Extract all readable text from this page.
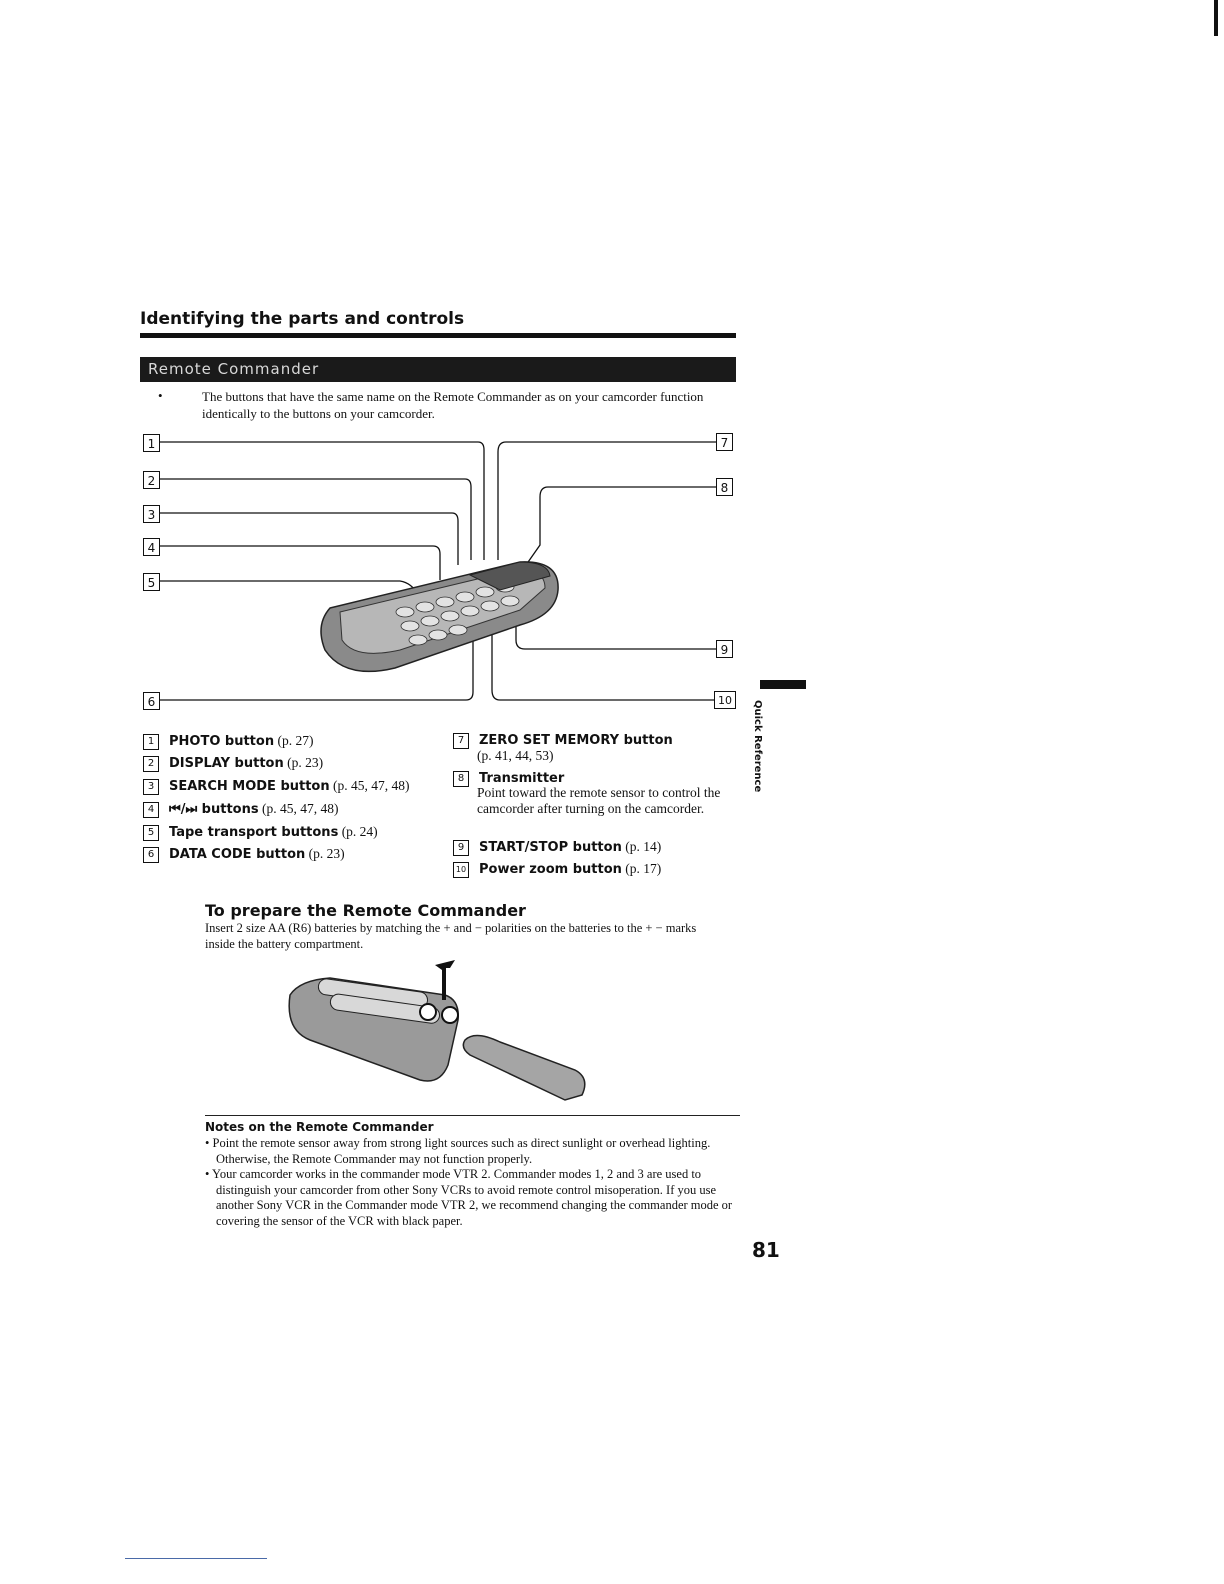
Identifying the parts and controls
Remote Commander
•	The buttons that have the same name on the Remote Commander as on your camcorder function identically to the buttons on your camcorder.
1
2
3
4
5
6
7
8
9
10
1 PHOTO button (p. 27)
2 DISPLAY button (p. 23)
3 SEARCH MODE button (p. 45, 47, 48)
4 ⏮/⏭ buttons (p. 45, 47, 48)
5 Tape transport buttons (p. 24)
6 DATA CODE button (p. 23)
7 ZERO SET MEMORY button
(p. 41, 44, 53)
8 Transmitter
Point toward the remote sensor to control the camcorder after turning on the camcorder.
9 START/STOP button (p. 14)
10 Power zoom button (p. 17)
Quick Reference
To prepare the Remote Commander
Insert 2 size AA (R6) batteries by matching the + and − polarities on the batteries to the + − marks inside the battery compartment.
Notes on the Remote Commander

• Point the remote sensor away from strong light sources such as direct sunlight or overhead lighting. Otherwise, the Remote Commander may not function properly.

• Your camcorder works in the commander mode VTR 2. Commander modes 1, 2 and 3 are used to distinguish your camcorder from other Sony VCRs to avoid remote control misoperation. If you use another Sony VCR in the Commander mode VTR 2, we recommend changing the commander mode or covering the sensor of the VCR with black paper.

81
